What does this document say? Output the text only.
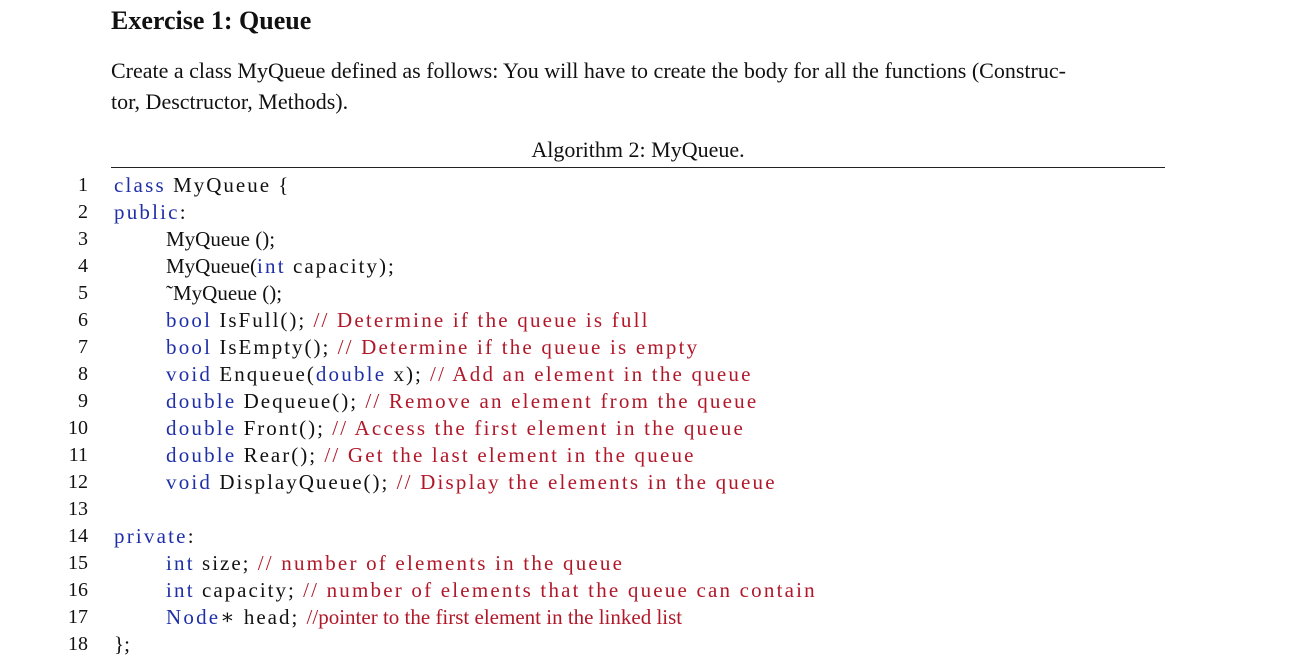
Exercise 1: Queue
Create a class MyQueue defined as follows: You will have to create the body for all the functions (Construc-
tor, Desctructor, Methods).
Algorithm 2: MyQueue.
1 class MyQueue {
2 public:
3	MyQueue ();
4	MyQueue(int capacity);
5	˜MyQueue ();
6	bool IsFull(); // Determine if the queue is full
7	bool IsEmpty(); // Determine if the queue is empty
8	void Enqueue(double x); // Add an element in the queue
9	double Dequeue(); // Remove an element from the queue
10	double Front(); // Access the first element in the queue
11	double Rear(); // Get the last element in the queue
12	void DisplayQueue(); // Display the elements in the queue
13
14 private:
15	int size; // number of elements in the queue
16	int capacity; // number of elements that the queue can contain
17	Node∗ head; //pointer to the first element in the linked list
18 };
